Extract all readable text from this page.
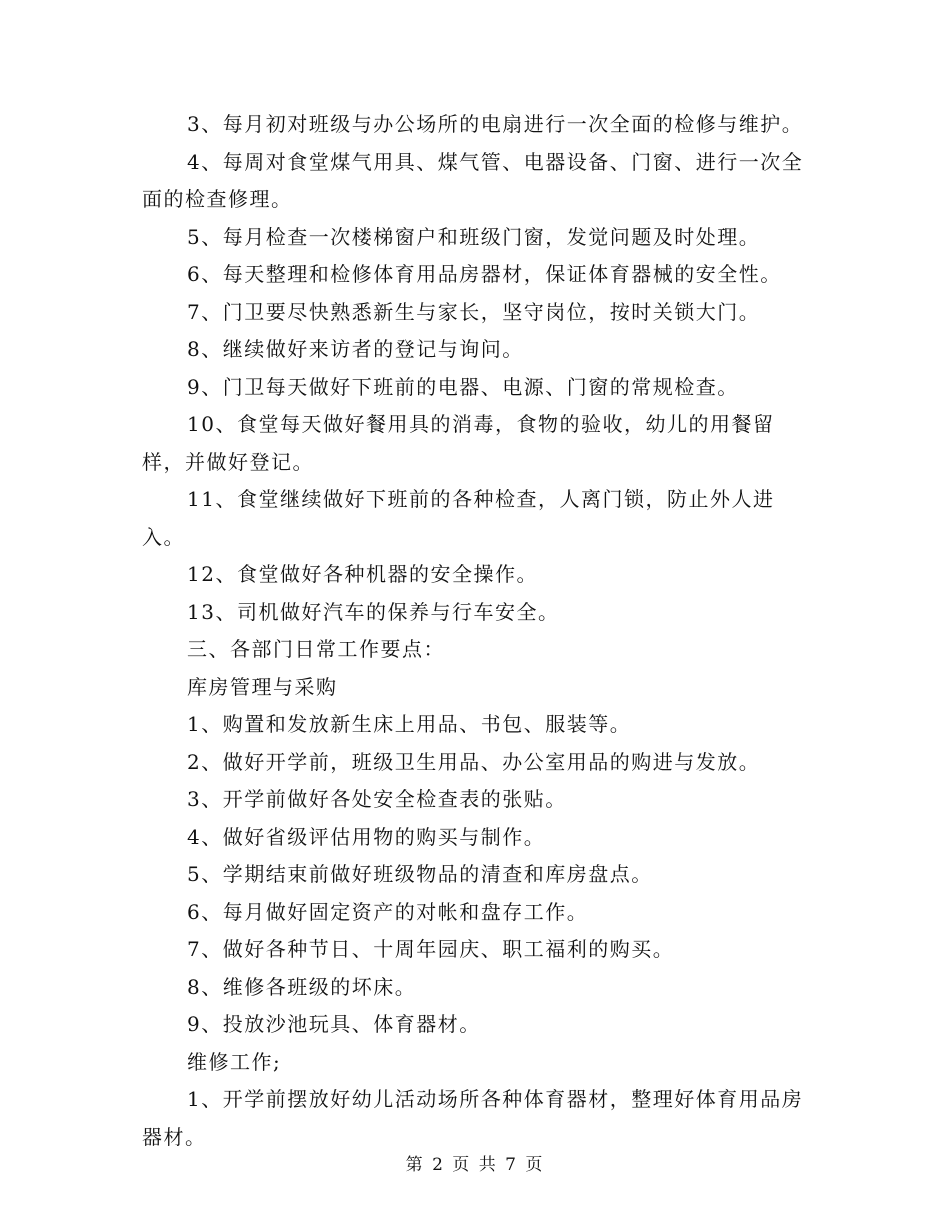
3、每月初对班级与办公场所的电扇进行一次全面的检修与维护。

4、每周对食堂煤气用具、煤气管、电器设备、门窗、进行一次全面的检查修理。

5、每月检查一次楼梯窗户和班级门窗，发觉问题及时处理。

6、每天整理和检修体育用品房器材，保证体育器械的安全性。

7、门卫要尽快熟悉新生与家长，坚守岗位，按时关锁大门。

8、继续做好来访者的登记与询问。

9、门卫每天做好下班前的电器、电源、门窗的常规检查。

10、食堂每天做好餐用具的消毒，食物的验收，幼儿的用餐留样，并做好登记。

11、食堂继续做好下班前的各种检查，人离门锁，防止外人进入。

12、食堂做好各种机器的安全操作。

13、司机做好汽车的保养与行车安全。

三、各部门日常工作要点：

库房管理与采购

1、购置和发放新生床上用品、书包、服装等。

2、做好开学前，班级卫生用品、办公室用品的购进与发放。

3、开学前做好各处安全检查表的张贴。

4、做好省级评估用物的购买与制作。

5、学期结束前做好班级物品的清查和库房盘点。

6、每月做好固定资产的对帐和盘存工作。

7、做好各种节日、十周年园庆、职工福利的购买。

8、维修各班级的坏床。

9、投放沙池玩具、体育器材。

维修工作;

1、开学前摆放好幼儿活动场所各种体育器材，整理好体育用品房器材。

第 2 页 共 7 页
